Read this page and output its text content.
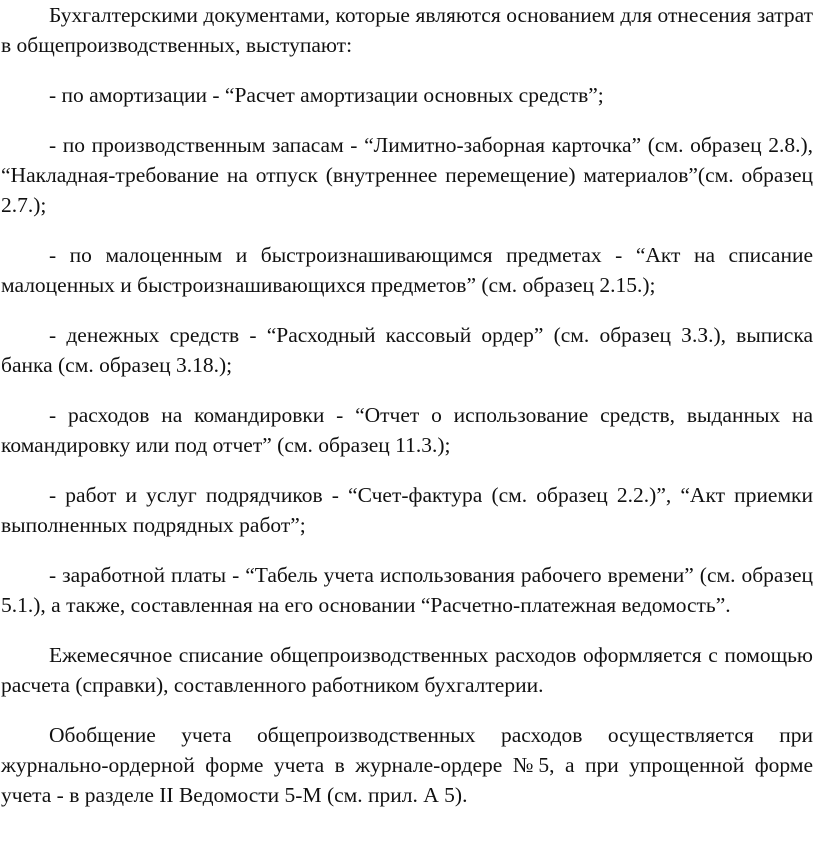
Бухгалтерскими документами, которые являются основанием для отнесения затрат в общепроизводственных, выступают:

- по амортизации - “Расчет амортизации основных средств”;

- по производственным запасам - “Лимитно-заборная карточка” (см. образец 2.8.), “Накладная-требование на отпуск (внутреннее перемещение) материалов”(см. образец 2.7.);

- по малоценным и быстроизнашивающимся предметах - “Акт на списание малоценных и быстроизнашивающихся предметов” (см. образец 2.15.);

- денежных средств - “Расходный кассовый ордер” (см. образец З.З.), выписка банка (см. образец 3.18.);

- расходов на командировки - “Отчет о использование средств, выданных на командировку или под отчет” (см. образец 11.3.);

- работ и услуг подрядчиков - “Счет-фактура (см. образец 2.2.)”, “Акт приемки выполненных подрядных работ”;

- заработной платы - “Табель учета использования рабочего времени” (см. образец 5.1.), а также, составленная на его основании “Расчетно-платежная ведомость”.

Ежемесячное списание общепроизводственных расходов оформляется с помощью расчета (справки), составленного работником бухгалтерии.

Обобщение учета общепроизводственных расходов осуществляется при журнально-ордерной форме учета в журнале-ордере №5, а при упрощенной форме учета - в разделе II Ведомости 5-М (см. прил. А 5).
